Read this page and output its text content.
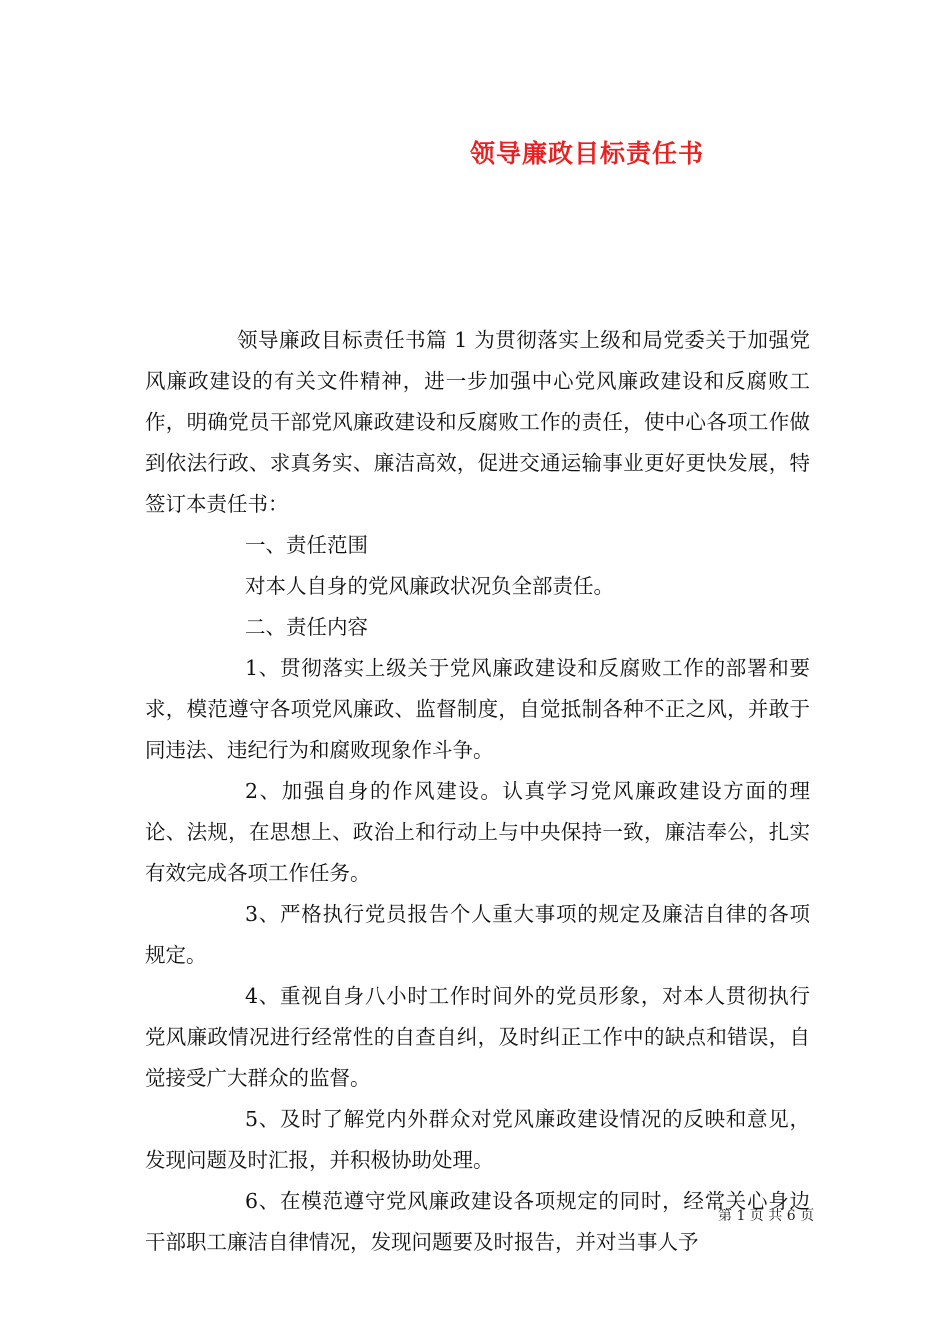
领导廉政目标责任书

领导廉政目标责任书篇 1 为贯彻落实上级和局党委关于加强党风廉政建设的有关文件精神，进一步加强中心党风廉政建设和反腐败工作，明确党员干部党风廉政建设和反腐败工作的责任，使中心各项工作做到依法行政、求真务实、廉洁高效，促进交通运输事业更好更快发展，特签订本责任书：

一、责任范围

对本人自身的党风廉政状况负全部责任。

二、责任内容

1、贯彻落实上级关于党风廉政建设和反腐败工作的部署和要求，模范遵守各项党风廉政、监督制度，自觉抵制各种不正之风，并敢于同违法、违纪行为和腐败现象作斗争。

2、加强自身的作风建设。认真学习党风廉政建设方面的理论、法规，在思想上、政治上和行动上与中央保持一致，廉洁奉公，扎实有效完成各项工作任务。

3、严格执行党员报告个人重大事项的规定及廉洁自律的各项规定。

4、重视自身八小时工作时间外的党员形象，对本人贯彻执行党风廉政情况进行经常性的自查自纠，及时纠正工作中的缺点和错误，自觉接受广大群众的监督。

5、及时了解党内外群众对党风廉政建设情况的反映和意见，发现问题及时汇报，并积极协助处理。

6、在模范遵守党风廉政建设各项规定的同时，经常关心身边干部职工廉洁自律情况，发现问题要及时报告，并对当事人予

第 1 页 共 6 页
